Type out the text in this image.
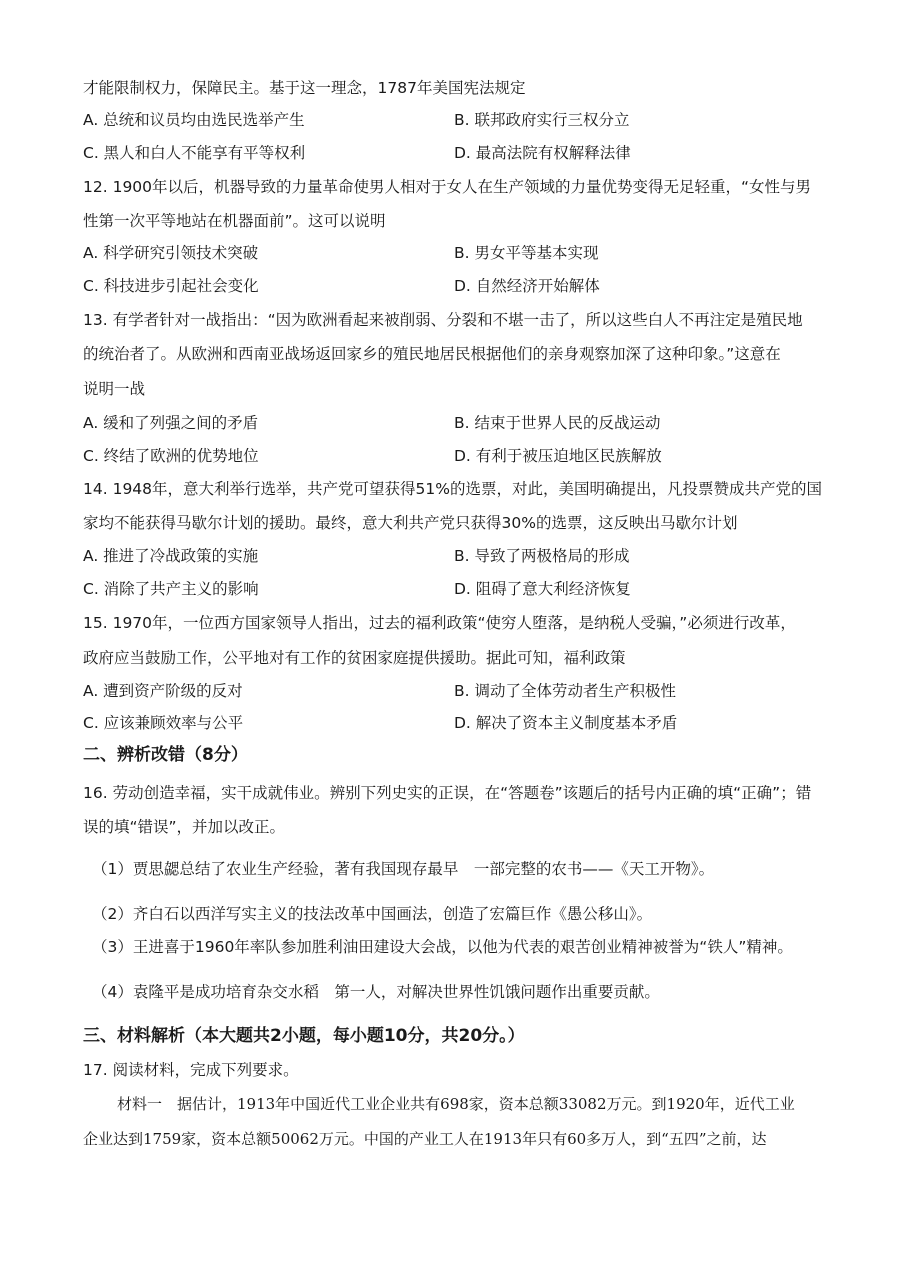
才能限制权力，保障民主。基于这一理念，1787年美国宪法规定
A. 总统和议员均由选民选举产生	B. 联邦政府实行三权分立
C. 黑人和白人不能享有平等权利	D. 最高法院有权解释法律
12. 1900年以后，机器导致的力量革命使男人相对于女人在生产领域的力量优势变得无足轻重，“女性与男
性第一次平等地站在机器面前”。这可以说明
A. 科学研究引领技术突破	B. 男女平等基本实现
C. 科技进步引起社会变化	D. 自然经济开始解体
13. 有学者针对一战指出：“因为欧洲看起来被削弱、分裂和不堪一击了，所以这些白人不再注定是殖民地
的统治者了。从欧洲和西南亚战场返回家乡的殖民地居民根据他们的亲身观察加深了这种印象。”这意在
说明一战
A. 缓和了列强之间的矛盾	B. 结束于世界人民的反战运动
C. 终结了欧洲的优势地位	D. 有利于被压迫地区民族解放
14. 1948年，意大利举行选举，共产党可望获得51%的选票，对此，美国明确提出，凡投票赞成共产党的国
家均不能获得马歇尔计划的援助。最终，意大利共产党只获得30%的选票，这反映出马歇尔计划
A. 推进了冷战政策的实施	B. 导致了两极格局的形成
C. 消除了共产主义的影响	D. 阻碍了意大利经济恢复
15. 1970年，一位西方国家领导人指出，过去的福利政策“使穷人堕落，是纳税人受骗，”必须进行改革，
政府应当鼓励工作，公平地对有工作的贫困家庭提供援助。据此可知，福利政策
A. 遭到资产阶级的反对	B. 调动了全体劳动者生产积极性
C. 应该兼顾效率与公平	D. 解决了资本主义制度基本矛盾
二、辨析改错（8分）
16. 劳动创造幸福，实干成就伟业。辨别下列史实的正误，在“答题卷”该题后的括号内正确的填“正确”；错
误的填“错误”，并加以改正。
（1）贾思勰总结了农业生产经验，著有我国现存最早　一部完整的农书——《天工开物》。
（2）齐白石以西洋写实主义的技法改革中国画法，创造了宏篇巨作《愚公移山》。
（3）王进喜于1960年率队参加胜利油田建设大会战，以他为代表的艰苦创业精神被誉为“铁人”精神。
（4）袁隆平是成功培育杂交水稻　第一人，对解决世界性饥饿问题作出重要贡献。
三、材料解析（本大题共2小题，每小题10分，共20分。）
17. 阅读材料，完成下列要求。
材料一　据估计，1913年中国近代工业企业共有698家，资本总额33082万元。到1920年，近代工业
企业达到1759家，资本总额50062万元。中国的产业工人在1913年只有60多万人，到“五四”之前，达
